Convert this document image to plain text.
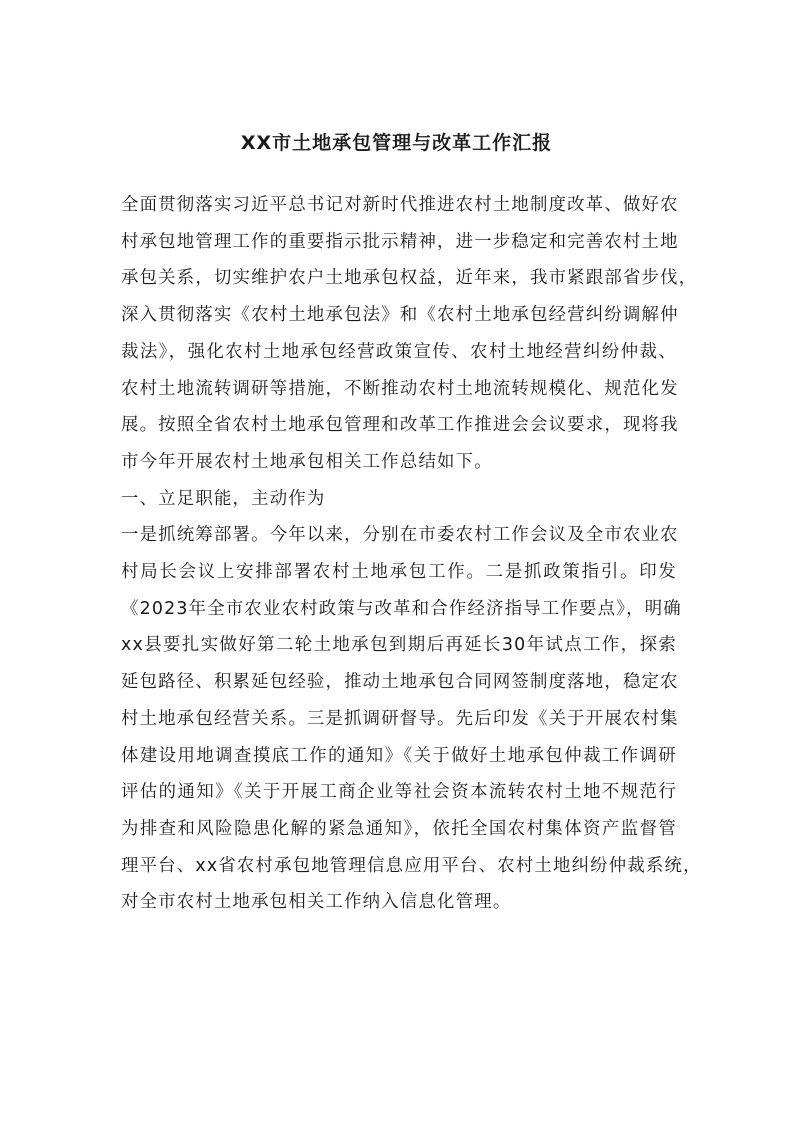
XX市土地承包管理与改革工作汇报

全面贯彻落实习近平总书记对新时代推进农村土地制度改革、做好农
村承包地管理工作的重要指示批示精神，进一步稳定和完善农村土地
承包关系，切实维护农户土地承包权益，近年来，我市紧跟部省步伐，
深入贯彻落实《农村土地承包法》和《农村土地承包经营纠纷调解仲
裁法》，强化农村土地承包经营政策宣传、农村土地经营纠纷仲裁、
农村土地流转调研等措施，不断推动农村土地流转规模化、规范化发
展。按照全省农村土地承包管理和改革工作推进会会议要求，现将我
市今年开展农村土地承包相关工作总结如下。

一、立足职能，主动作为

一是抓统筹部署。今年以来，分别在市委农村工作会议及全市农业农
村局长会议上安排部署农村土地承包工作。二是抓政策指引。印发
《2023年全市农业农村政策与改革和合作经济指导工作要点》，明确
xx县要扎实做好第二轮土地承包到期后再延长30年试点工作，探索
延包路径、积累延包经验，推动土地承包合同网签制度落地，稳定农
村土地承包经营关系。三是抓调研督导。先后印发《关于开展农村集
体建设用地调查摸底工作的通知》《关于做好土地承包仲裁工作调研
评估的通知》《关于开展工商企业等社会资本流转农村土地不规范行
为排查和风险隐患化解的紧急通知》，依托全国农村集体资产监督管
理平台、xx省农村承包地管理信息应用平台、农村土地纠纷仲裁系统，
对全市农村土地承包相关工作纳入信息化管理。
